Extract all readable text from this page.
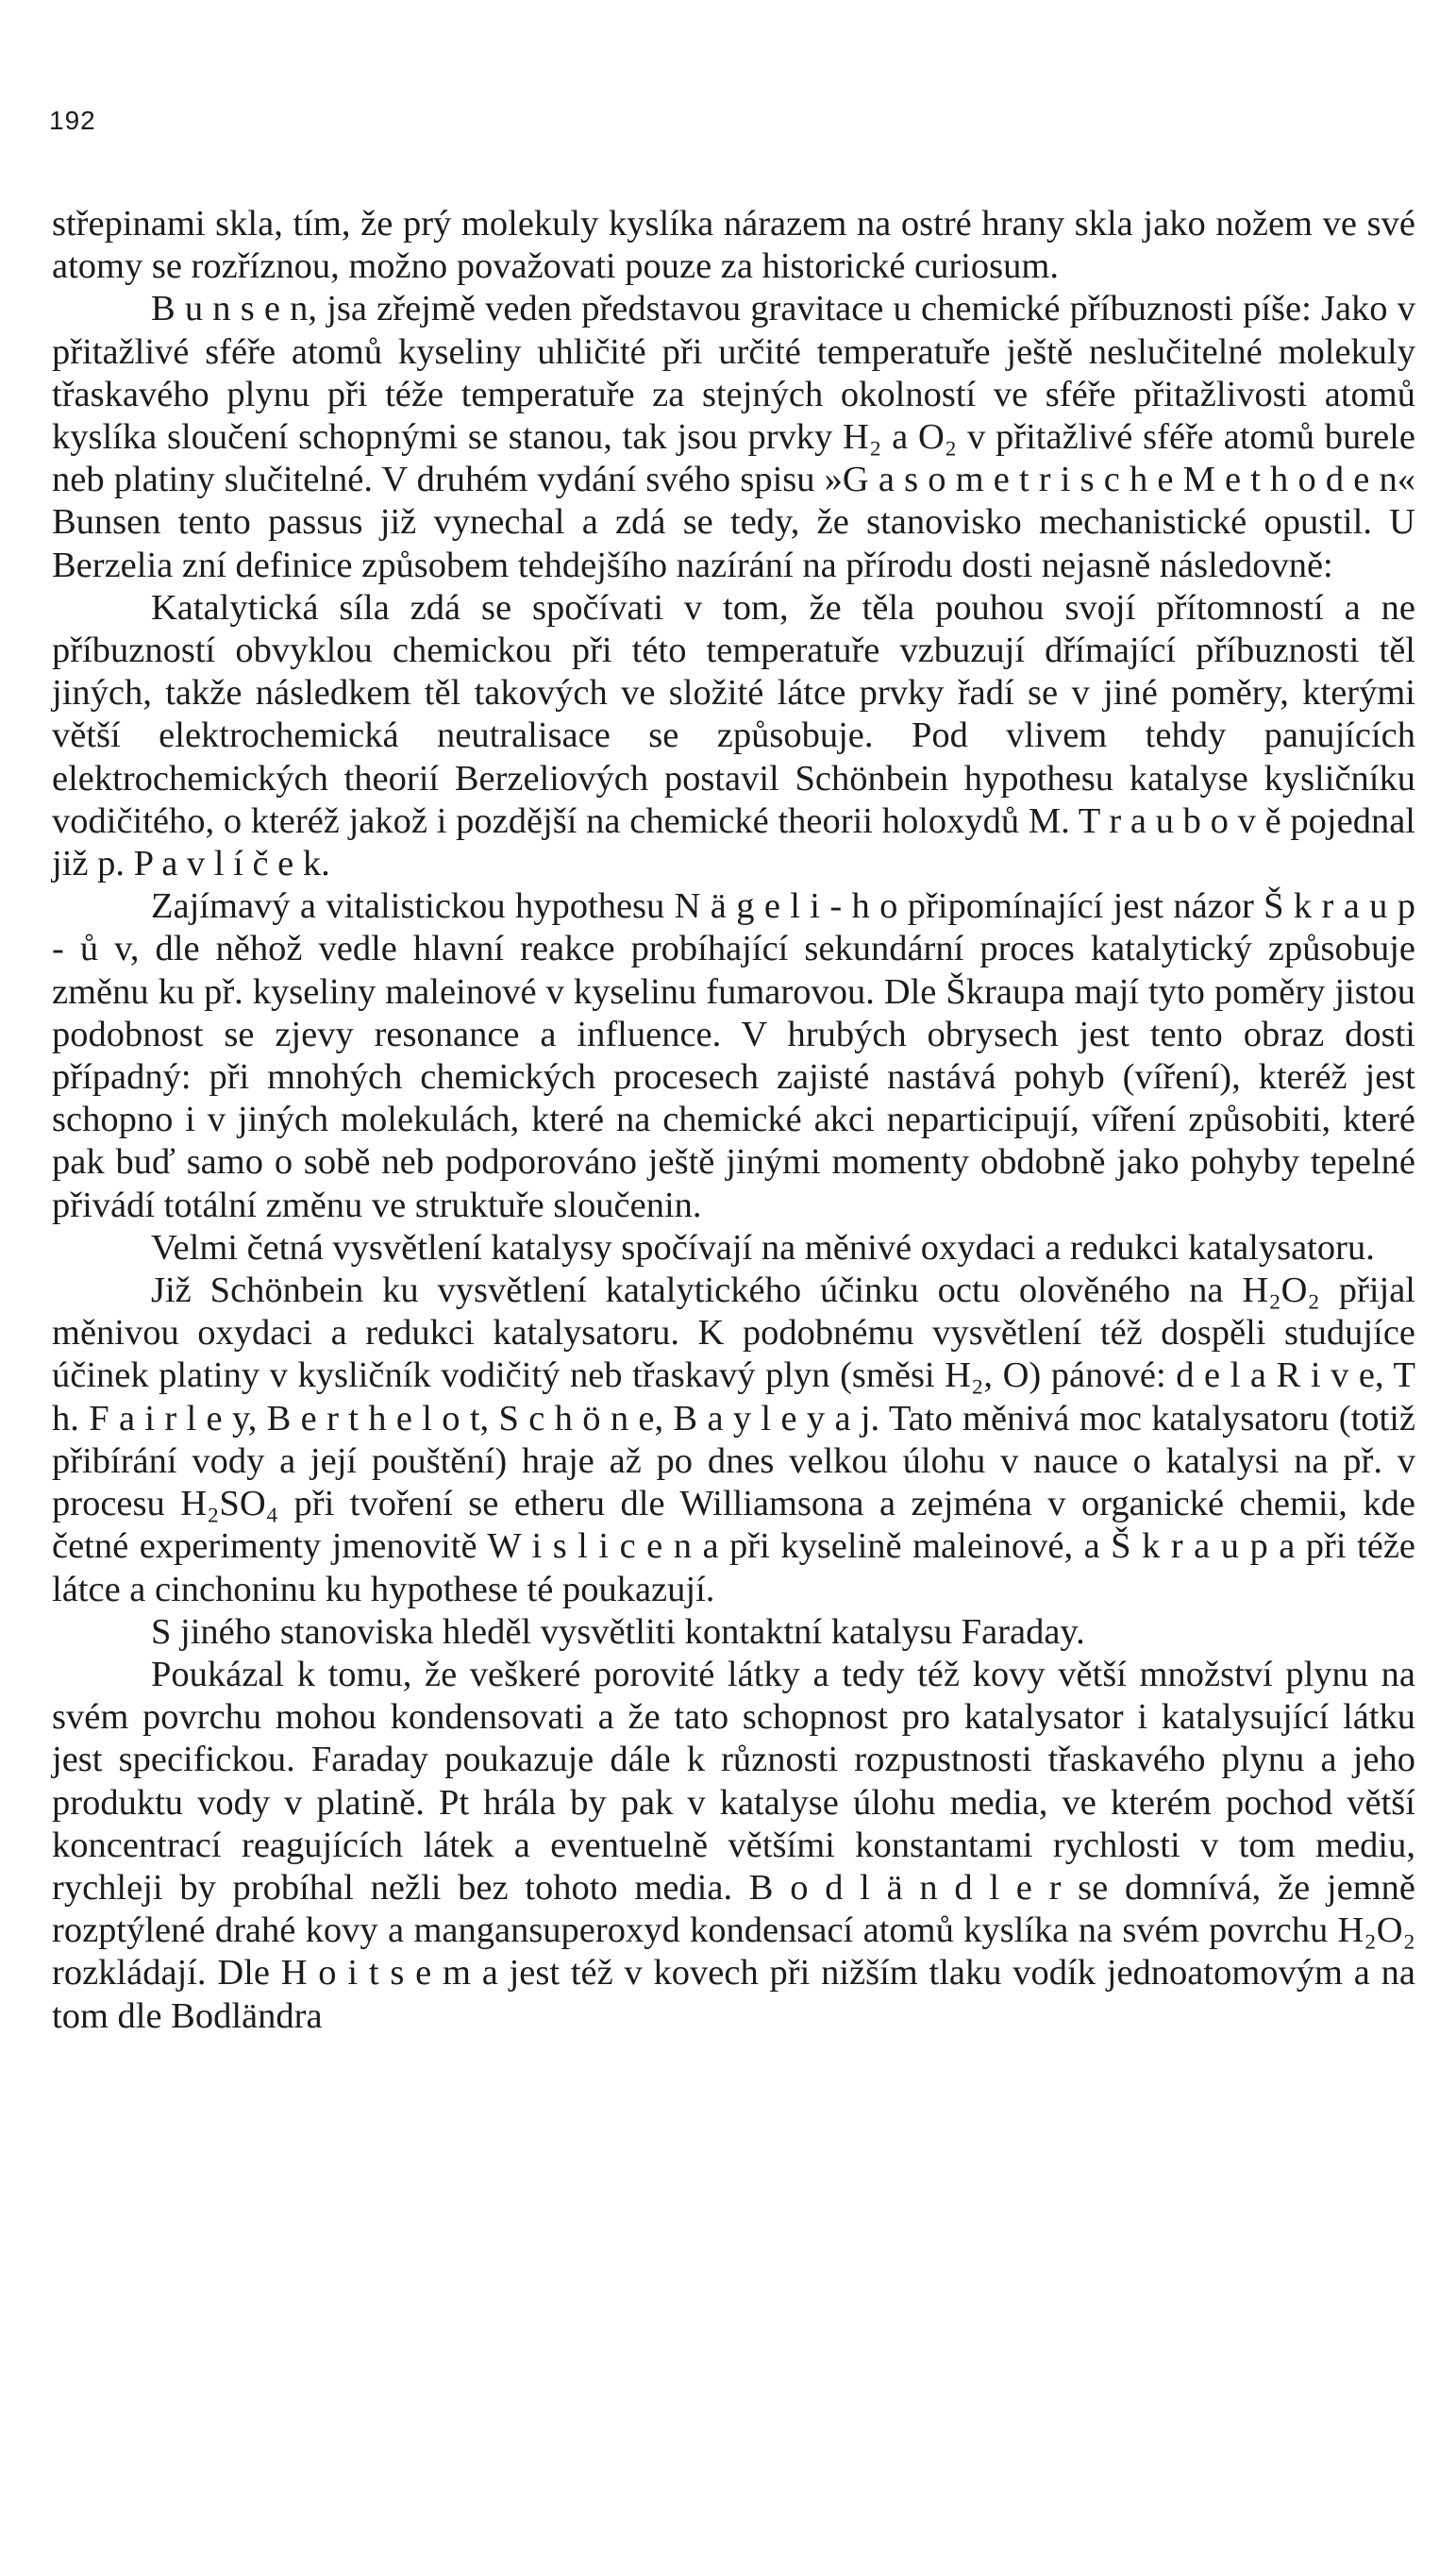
192

střepinami skla, tím, že prý molekuly kyslíka nárazem na ostré hrany skla jako nožem ve své atomy se rozříznou, možno považovati pouze za historické curiosum.

B u n s e n, jsa zřejmě veden představou gravitace u chemické příbuznosti píše: Jako v přitažlivé sféře atomů kyseliny uhličité při určité temperatuře ještě neslučitelné molekuly třaskavého plynu při téže temperatuře za stejných okolností ve sféře přitažlivosti atomů kyslíka sloučení schopnými se stanou, tak jsou prvky H₂ a O₂ v přitažlivé sféře atomů burele neb platiny slučitelné. V druhém vydání svého spisu »G a s o m e t r i s c h e M e t h o d e n« Bunsen tento passus již vynechal a zdá se tedy, že stanovisko mechanistické opustil. U Berzelia zní definice způsobem tehdejšího nazírání na přírodu dosti nejasně následovně:

Katalytická síla zdá se spočívati v tom, že těla pouhou svojí přítomností a ne příbuzností obvyklou chemickou při této temperatuře vzbuzují dřímající příbuznosti těl jiných, takže následkem těl takových ve složité látce prvky řadí se v jiné poměry, kterými větší elektrochemická neutralisace se způsobuje. Pod vlivem tehdy panujících elektrochemických theorií Berzeliových postavil Schönbein hypothesu katalyse kysličníku vodičitého, o kteréž jakož i pozdější na chemické theorii holoxydů M. T r a u b o v ě pojednal již p. P a v l í č e k.

Zajímavý a vitalistickou hypothesu N ä g e l i - h o připomínající jest názor Š k r a u p - ů v, dle něhož vedle hlavní reakce probíhající sekundární proces katalytický způsobuje změnu ku př. kyseliny maleinové v kyselinu fumarovou. Dle Škraupa mají tyto poměry jistou podobnost se zjevy resonance a influence. V hrubých obrysech jest tento obraz dosti případný: při mnohých chemických procesech zajisté nastává pohyb (víření), kteréž jest schopno i v jiných molekulách, které na chemické akci neparticipují, víření způsobiti, které pak buď samo o sobě neb podporováno ještě jinými momenty obdobně jako pohyby tepelné přivádí totální změnu ve struktuře sloučenin.

Velmi četná vysvětlení katalysy spočívají na měnivé oxydaci a redukci katalysatoru.

Již Schönbein ku vysvětlení katalytického účinku octu olověného na H₂O₂ přijal měnivou oxydaci a redukci katalysatoru. K podobnému vysvětlení též dospěli studujíce účinek platiny v kysličník vodičitý neb třaskavý plyn (směsi H₂, O) pánové: d e l a R i v e, T h. F a i r l e y, B e r t h e l o t, S c h ö n e, B a y l e y a j. Tato měnivá moc katalysatoru (totiž přibírání vody a její pouštění) hraje až po dnes velkou úlohu v nauce o katalysi na př. v procesu H₂SO₄ při tvoření se etheru dle Williamsona a zejména v organické chemii, kde četné experimenty jmenovitě W i s l i c e n a při kyselině maleinové, a Š k r a u p a při téže látce a cinchoninu ku hypothese té poukazují.

S jiného stanoviska hleděl vysvětliti kontaktní katalysu Faraday.

Poukázal k tomu, že veškeré porovité látky a tedy též kovy větší množství plynu na svém povrchu mohou kondensovati a že tato schopnost pro katalysator i katalysující látku jest specifickou. Faraday poukazuje dále k různosti rozpustnosti třaskavého plynu a jeho produktu vody v platině. Pt hrála by pak v katalyse úlohu media, ve kterém pochod větší koncentrací reagujících látek a eventuelně většími konstantami rychlosti v tom mediu, rychleji by probíhal nežli bez tohoto media. B o d l ä n d l e r se domnívá, že jemně rozptýlené drahé kovy a mangansuperoxyd kondensací atomů kyslíka na svém povrchu H₂O₂ rozkládají. Dle H o i t s e m a jest též v kovech při nižším tlaku vodík jednoatomovým a na tom dle Bodländra
